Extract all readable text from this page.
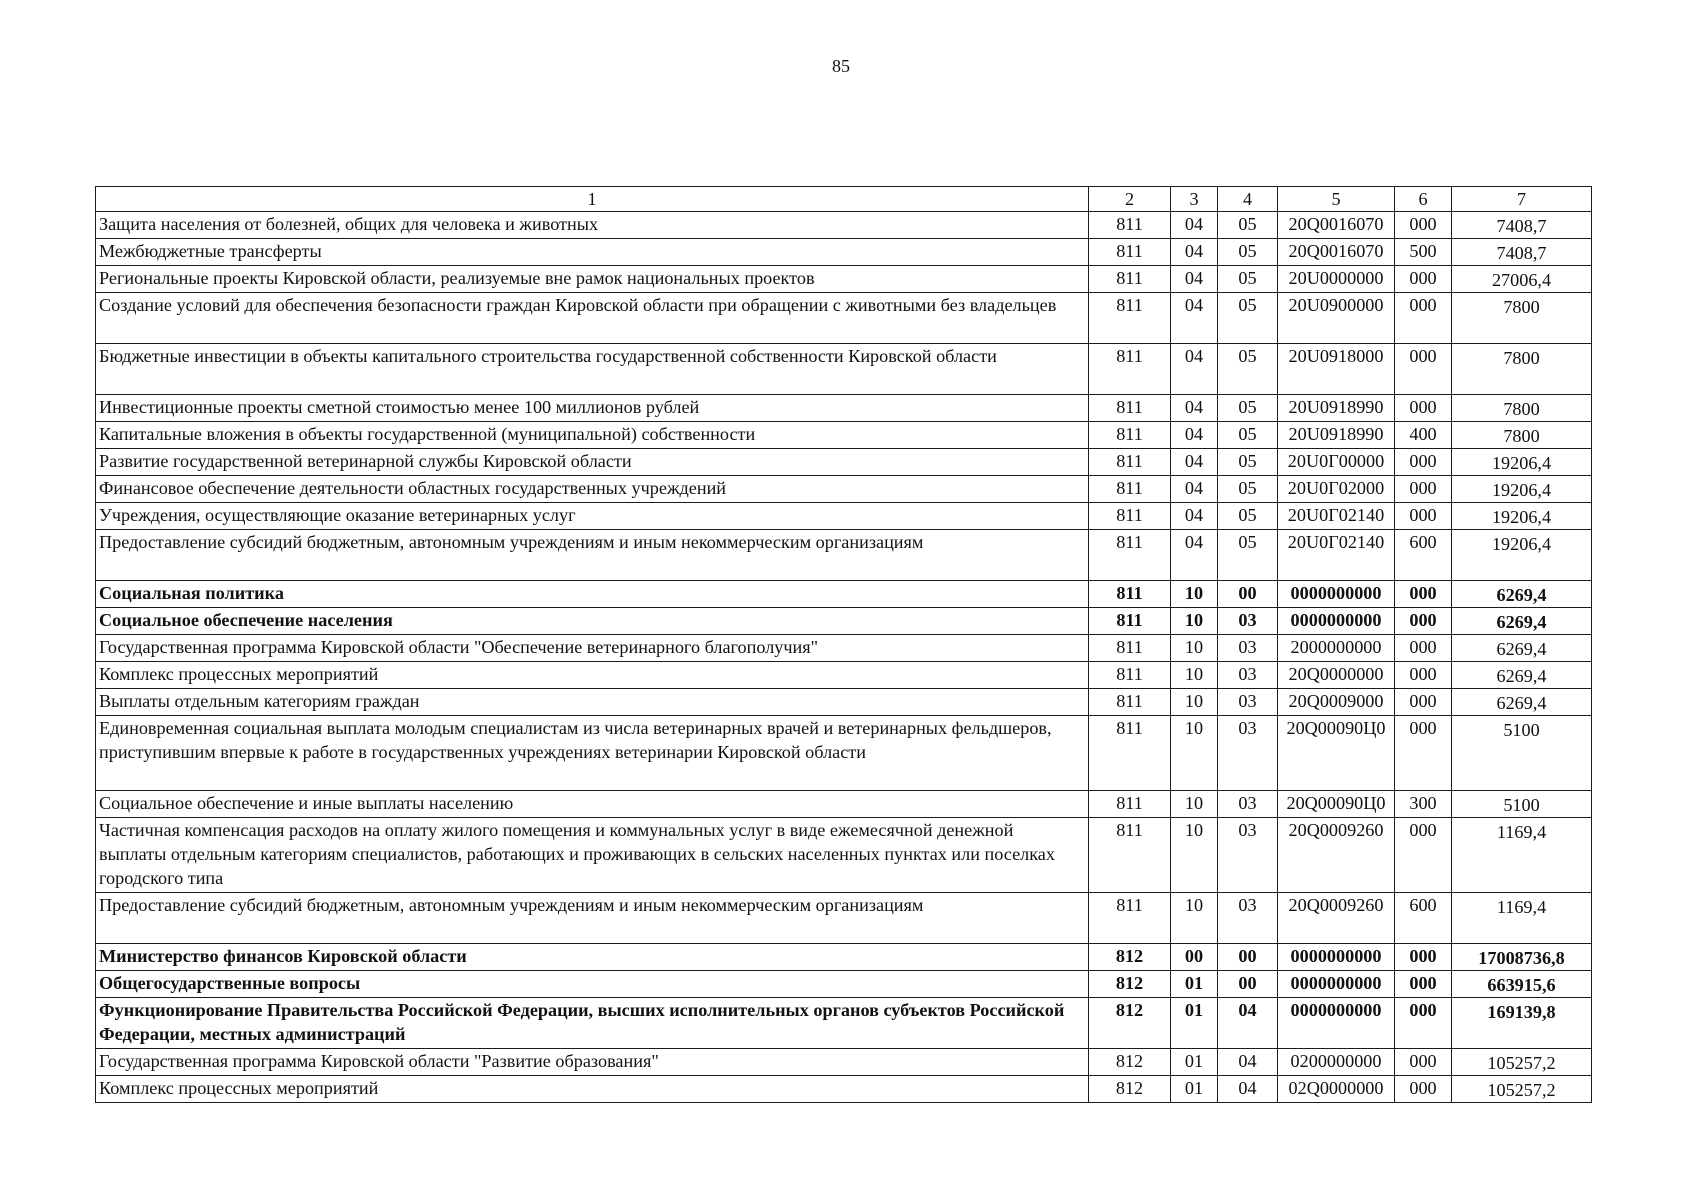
85
1	2	3	4	5	6	7
Защита населения от болезней, общих для человека и животных	811	04	05	20Q0016070	000	7408,7
Межбюджетные трансферты	811	04	05	20Q0016070	500	7408,7
Региональные проекты Кировской области, реализуемые вне рамок национальных проектов	811	04	05	20U0000000	000	27006,4
Создание условий для обеспечения безопасности граждан Кировской области при обращении с животными без владельцев	811	04	05	20U0900000	000	7800
Бюджетные инвестиции в объекты капитального строительства государственной собственности Кировской области	811	04	05	20U0918000	000	7800
Инвестиционные проекты сметной стоимостью менее 100 миллионов рублей	811	04	05	20U0918990	000	7800
Капитальные вложения в объекты государственной (муниципальной) собственности	811	04	05	20U0918990	400	7800
Развитие государственной ветеринарной службы Кировской области	811	04	05	20U0Г00000	000	19206,4
Финансовое обеспечение деятельности областных государственных учреждений	811	04	05	20U0Г02000	000	19206,4
Учреждения, осуществляющие оказание ветеринарных услуг	811	04	05	20U0Г02140	000	19206,4
Предоставление субсидий бюджетным, автономным учреждениям и иным некоммерческим организациям	811	04	05	20U0Г02140	600	19206,4
Социальная политика	811	10	00	0000000000	000	6269,4
Социальное обеспечение населения	811	10	03	0000000000	000	6269,4
Государственная программа Кировской области "Обеспечение ветеринарного благополучия"	811	10	03	2000000000	000	6269,4
Комплекс процессных мероприятий	811	10	03	20Q0000000	000	6269,4
Выплаты отдельным категориям граждан	811	10	03	20Q0009000	000	6269,4
Единовременная социальная выплата молодым специалистам из числа ветеринарных врачей и ветеринарных фельдшеров, приступившим впервые к работе в государственных учреждениях ветеринарии Кировской области	811	10	03	20Q00090Ц0	000	5100
Социальное обеспечение и иные выплаты населению	811	10	03	20Q00090Ц0	300	5100
Частичная компенсация расходов на оплату жилого помещения и коммунальных услуг в виде ежемесячной денежной выплаты отдельным категориям специалистов, работающих и проживающих в сельских населенных пунктах или поселках городского типа	811	10	03	20Q0009260	000	1169,4
Предоставление субсидий бюджетным, автономным учреждениям и иным некоммерческим организациям	811	10	03	20Q0009260	600	1169,4
Министерство финансов Кировской области	812	00	00	0000000000	000	17008736,8
Общегосударственные вопросы	812	01	00	0000000000	000	663915,6
Функционирование Правительства Российской Федерации, высших исполнительных органов субъектов Российской Федерации, местных администраций	812	01	04	0000000000	000	169139,8
Государственная программа Кировской области "Развитие образования"	812	01	04	0200000000	000	105257,2
Комплекс процессных мероприятий	812	01	04	02Q0000000	000	105257,2
